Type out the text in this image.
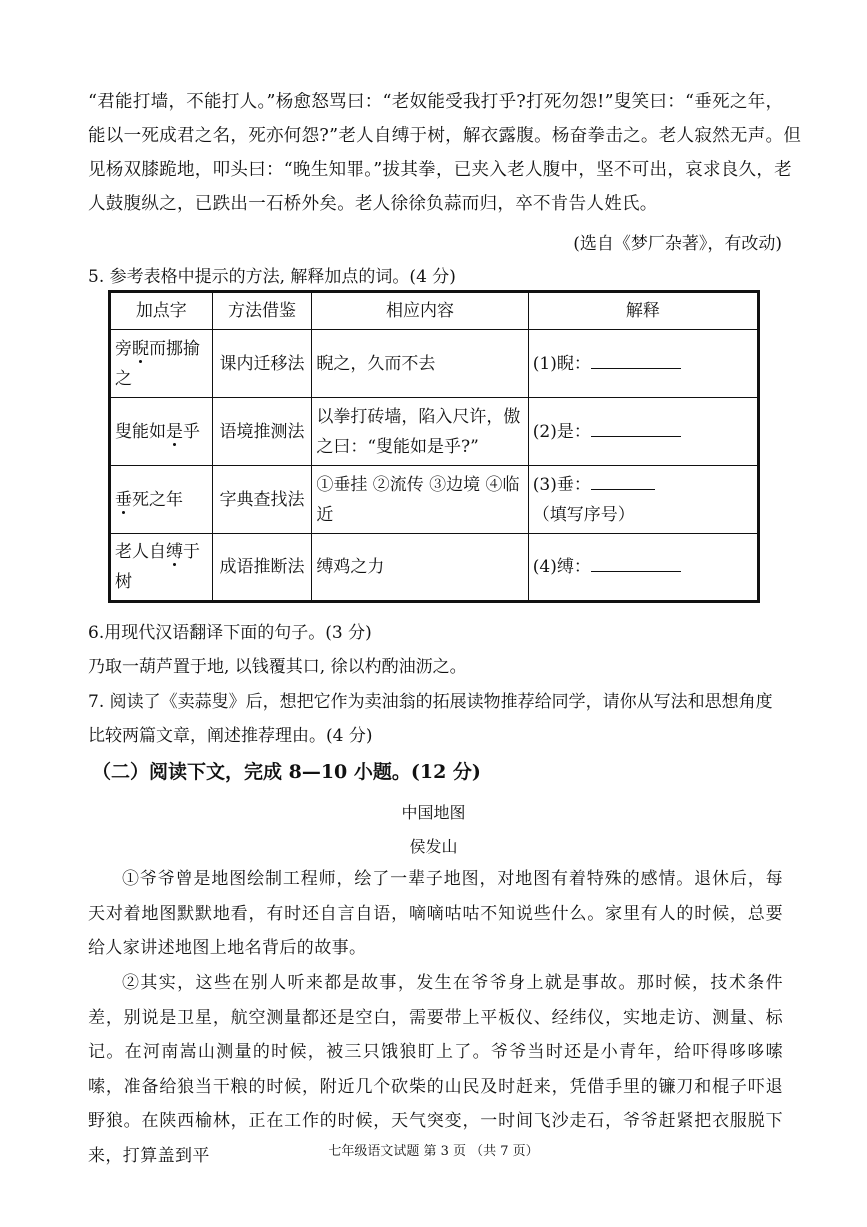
“君能打墙，不能打人。”杨愈怒骂曰：“老奴能受我打乎?打死勿怨!”叟笑曰：“垂死之年，
能以一死成君之名，死亦何怨?”老人自缚于树，解衣露腹。杨奋拳击之。老人寂然无声。但
见杨双膝跪地，叩头曰：“晚生知罪。”拔其拳，已夹入老人腹中，坚不可出，哀求良久，老
人鼓腹纵之，已跌出一石桥外矣。老人徐徐负蒜而归，卒不肯告人姓氏。
(选自《梦厂杂著》，有改动)
5. 参考表格中提示的方法, 解释加点的词。(4 分)
加点字	方法借鉴	相应内容	解释
旁睨而挪揄之	课内迁移法	睨之，久而不去	(1)睨：
叟能如是乎	语境推测法	以拳打砖墙，陷入尺许，傲之曰：“叟能如是乎?”	(2)是：
垂死之年	字典查找法	①垂挂 ②流传 ③边境 ④临近	(3)垂：（填写序号）
老人自缚于树	成语推断法	缚鸡之力	(4)缚：
6.用现代汉语翻译下面的句子。(3 分)
乃取一葫芦置于地, 以钱覆其口, 徐以杓酌油沥之。
7. 阅读了《卖蒜叟》后，想把它作为卖油翁的拓展读物推荐给同学，请你从写法和思想角度
比较两篇文章，阐述推荐理由。(4 分)
（二）阅读下文，完成 8—10 小题。(12 分)
中国地图
侯发山
①爷爷曾是地图绘制工程师，绘了一辈子地图，对地图有着特殊的感情。退休后，每天对着地图默默地看，有时还自言自语，嘀嘀咕咕不知说些什么。家里有人的时候，总要给人家讲述地图上地名背后的故事。
②其实，这些在别人听来都是故事，发生在爷爷身上就是事故。那时候，技术条件差，别说是卫星，航空测量都还是空白，需要带上平板仪、经纬仪，实地走访、测量、标记。在河南嵩山测量的时候，被三只饿狼盯上了。爷爷当时还是小青年，给吓得哆哆嗦嗦，准备给狼当干粮的时候，附近几个砍柴的山民及时赶来，凭借手里的镰刀和棍子吓退野狼。在陕西榆林，正在工作的时候，天气突变，一时间飞沙走石，爷爷赶紧把衣服脱下来，打算盖到平	七年级语文试题 第 3 页 （共 7 页）
